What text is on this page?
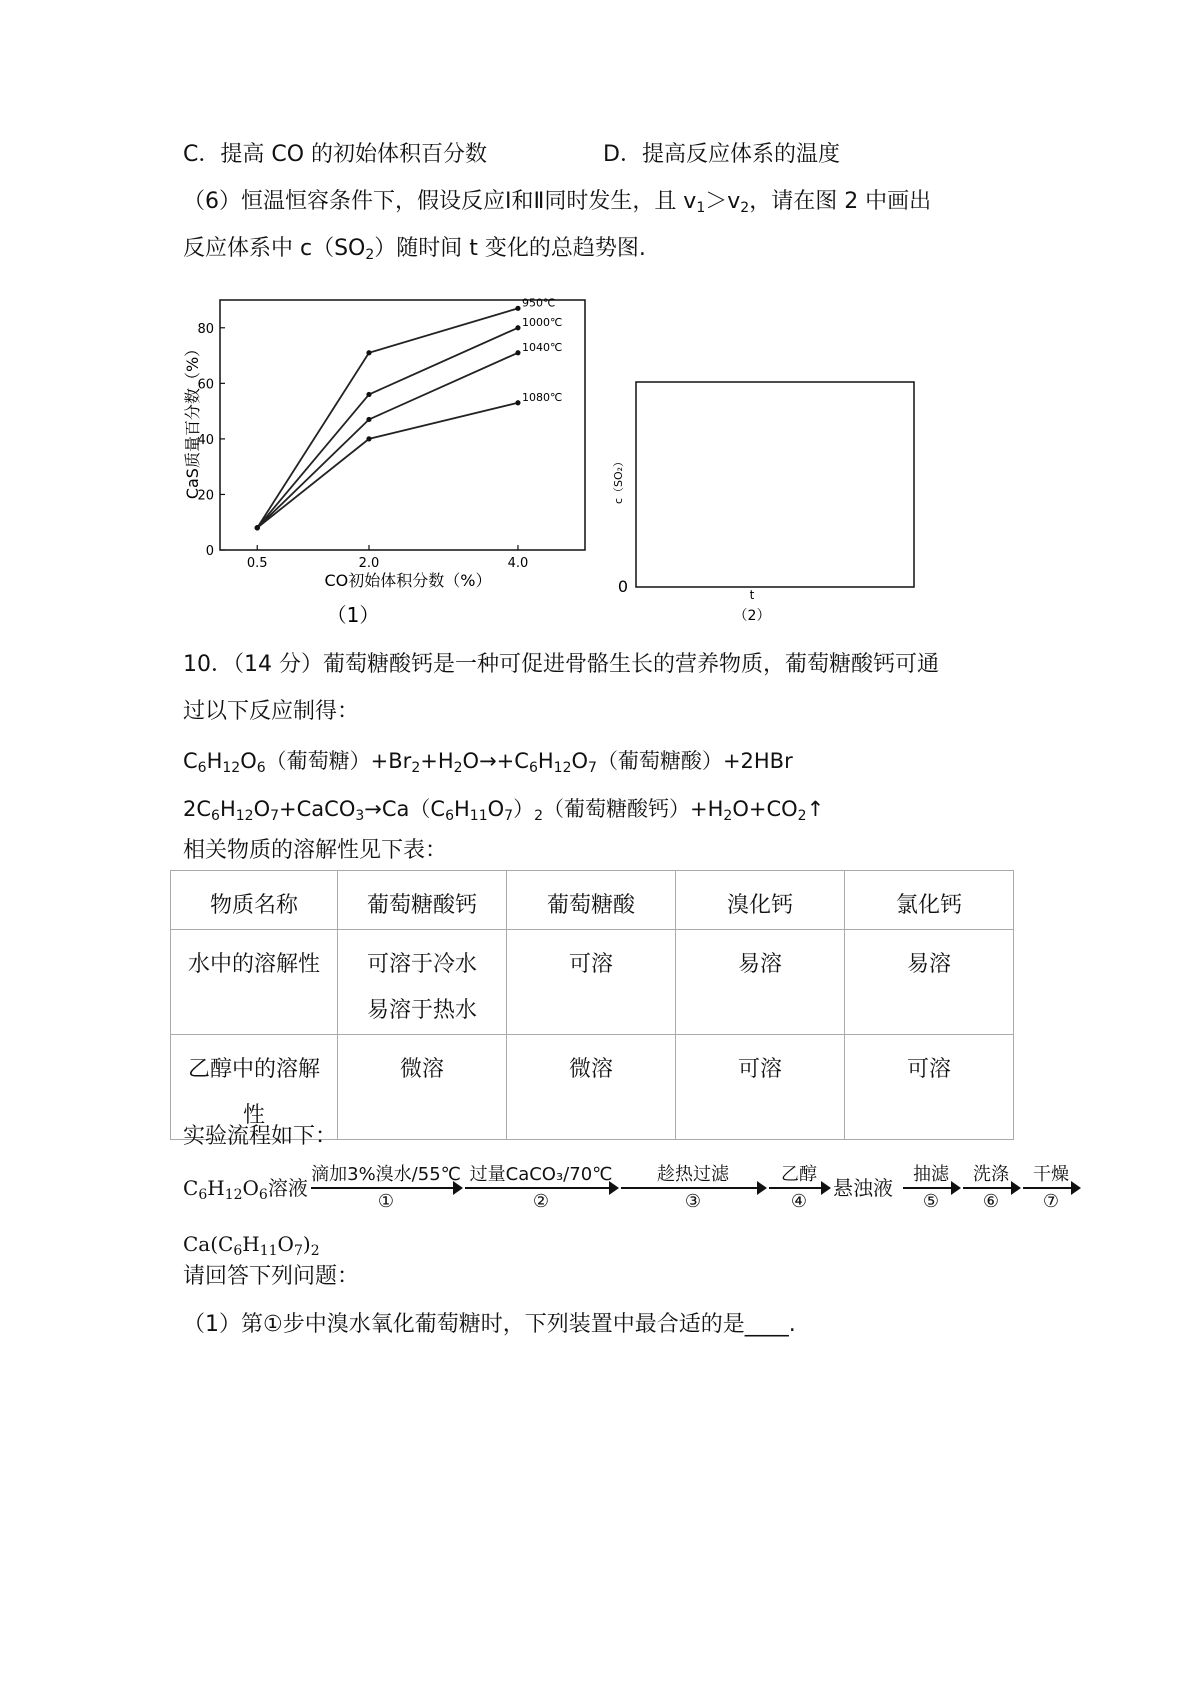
C．提高 CO 的初始体积百分数	D．提高反应体系的温度
（6）恒温恒容条件下，假设反应Ⅰ和Ⅱ同时发生，且 $v_1>v_2$，请在图 2 中画出
反应体系中 $c(SO_2)$随时间 t 变化的总趋势图.
0
20
40
60
80
0.5	2.0	4.0
950℃
1000℃
1040℃
1080℃
CaS质量百分数（%）
CO初始体积分数（%）
（1）
c（SO₂）
0	t
（2）
10．（14 分）葡萄糖酸钙是一种可促进骨骼生长的营养物质，葡萄糖酸钙可通
过以下反应制得：
$C_6H_{12}O_6$（葡萄糖）$+Br_2+H_2O\to+C_6H_{12}O_7$（葡萄糖酸）+2HBr
$2C_6H_{12}O_7+CaCO_3\to Ca(C_6H_{11}O_7)_2$（葡萄糖酸钙）$+H_2O+CO_2↑$
相关物质的溶解性见下表：
物质名称	葡萄糖酸钙	葡萄糖酸	溴化钙	氯化钙
水中的溶解性	可溶于冷水
易溶于热水	可溶	易溶	易溶
乙醇中的溶解
性	微溶	微溶	可溶	可溶
实验流程如下：
$C_6H_{12}O_6$溶液
滴加3%溴水/55℃
①
过量CaCO₃/70℃
②
趁热过滤
③
乙醇
④
悬浊液
抽滤
⑤
洗涤
⑥
干燥
⑦
$Ca(C_6H_{11}O_7)_2$
请回答下列问题：
（1）第①步中溴水氧化葡萄糖时，下列装置中最合适的是____.
